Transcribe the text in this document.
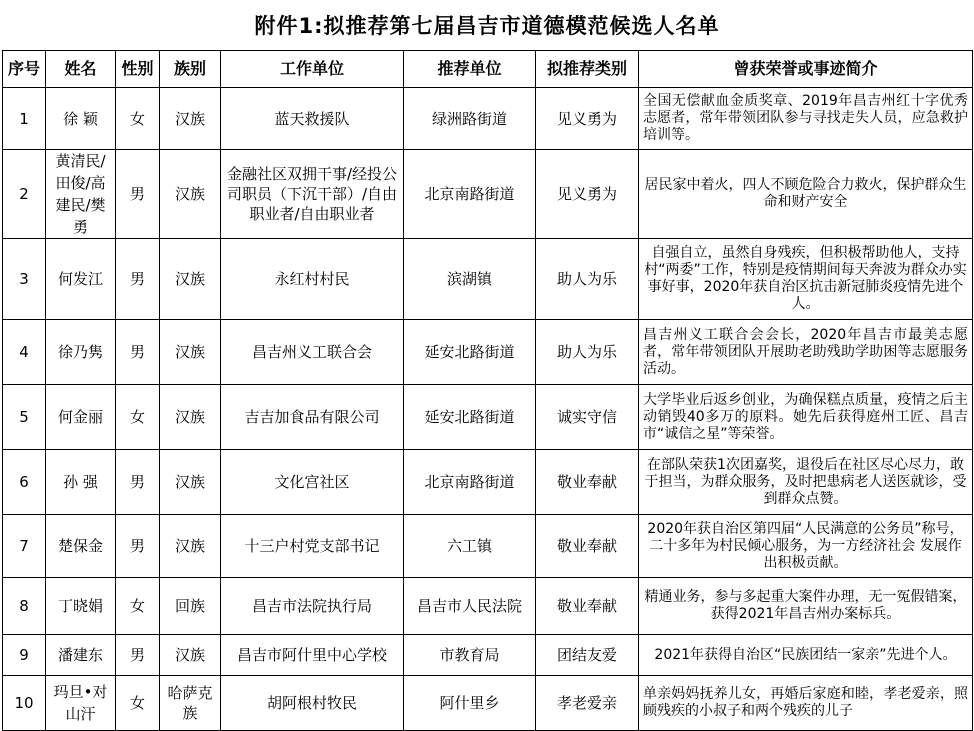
附件1:拟推荐第七届昌吉市道德模范候选人名单
序号	姓名	性别	族别	工作单位	推荐单位	拟推荐类别	曾获荣誉或事迹简介
1	徐 颖	女	汉族	蓝天救援队	绿洲路街道	见义勇为	全国无偿献血金质奖章、2019年昌吉州红十字优秀志愿者，常年带领团队参与寻找走失人员，应急救护培训等。
2	黄清民/田俊/高建民/樊勇	男	汉族	金融社区双拥干事/经投公司职员（下沉干部）/自由职业者/自由职业者	北京南路街道	见义勇为	居民家中着火，四人不顾危险合力救火，保护群众生命和财产安全
3	何发江	男	汉族	永红村村民	滨湖镇	助人为乐	自强自立，虽然自身残疾，但积极帮助他人，支持村“两委”工作，特别是疫情期间每天奔波为群众办实事好事，2020年获自治区抗击新冠肺炎疫情先进个人。
4	徐乃隽	男	汉族	昌吉州义工联合会	延安北路街道	助人为乐	昌吉州义工联合会会长，2020年昌吉市最美志愿者，常年带领团队开展助老助残助学助困等志愿服务活动。
5	何金丽	女	汉族	吉吉加食品有限公司	延安北路街道	诚实守信	大学毕业后返乡创业，为确保糕点质量，疫情之后主动销毁40多万的原料。她先后获得庭州工匠、昌吉市“诚信之星”等荣誉。
6	孙 强	男	汉族	文化宫社区	北京南路街道	敬业奉献	在部队荣获1次团嘉奖，退役后在社区尽心尽力，敢于担当，为群众服务，及时把患病老人送医就诊，受到群众点赞。
7	楚保金	男	汉族	十三户村党支部书记	六工镇	敬业奉献	2020年获自治区第四届“人民满意的公务员”称号，二十多年为村民倾心服务，为一方经济社会 发展作出积极贡献。
8	丁晓娟	女	回族	昌吉市法院执行局	昌吉市人民法院	敬业奉献	精通业务，参与多起重大案件办理，无一冤假错案，获得2021年昌吉州办案标兵。
9	潘建东	男	汉族	昌吉市阿什里中心学校	市教育局	团结友爱	2021年获得自治区“民族团结一家亲”先进个人。
10	玛旦•对山汗	女	哈萨克族	胡阿根村牧民	阿什里乡	孝老爱亲	单亲妈妈抚养儿女，再婚后家庭和睦，孝老爱亲，照顾残疾的小叔子和两个残疾的儿子
